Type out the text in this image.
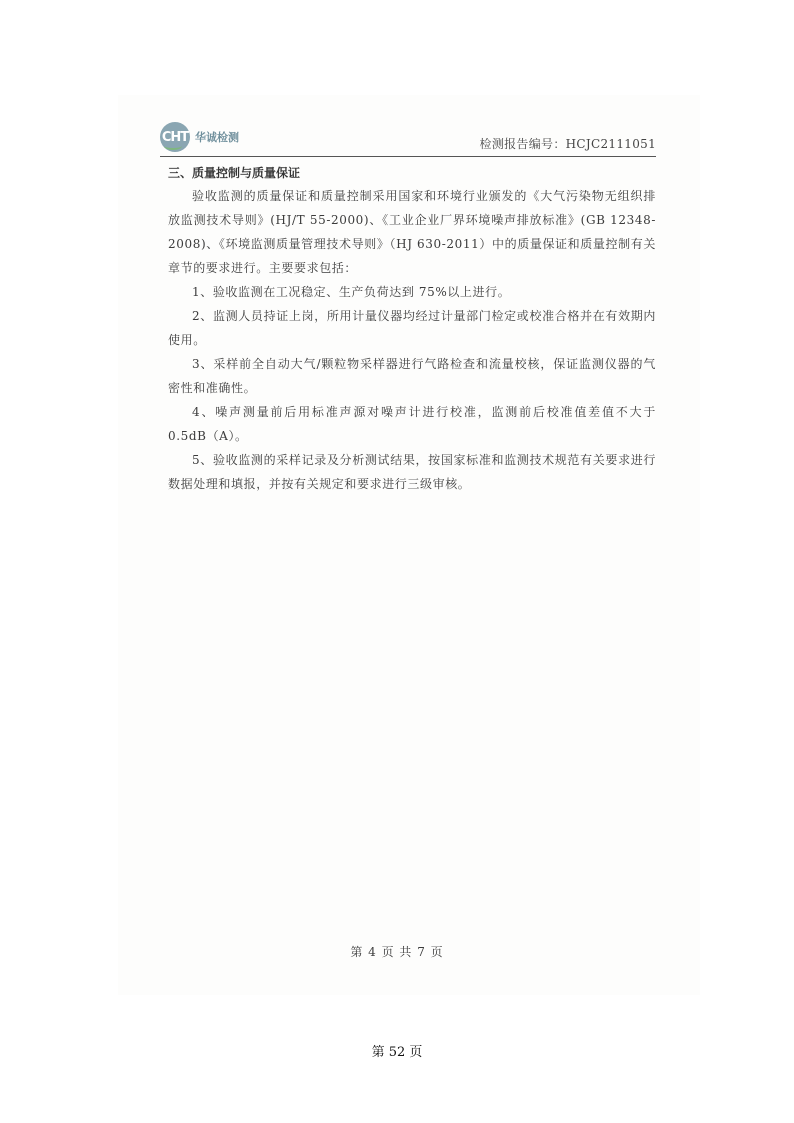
CHT 华诚检测	检测报告编号：HCJC2111051

三、质量控制与质量保证

验收监测的质量保证和质量控制采用国家和环境行业颁发的《大气污染物无组织排放监测技术导则》(HJ/T 55-2000)、《工业企业厂界环境噪声排放标准》(GB 12348-2008)、《环境监测质量管理技术导则》（HJ 630-2011）中的质量保证和质量控制有关章节的要求进行。主要要求包括：

1、验收监测在工况稳定、生产负荷达到 75%以上进行。

2、监测人员持证上岗，所用计量仪器均经过计量部门检定或校准合格并在有效期内使用。

3、采样前全自动大气/颗粒物采样器进行气路检查和流量校核，保证监测仪器的气密性和准确性。

4、噪声测量前后用标准声源对噪声计进行校准，监测前后校准值差值不大于 0.5dB（A）。

5、验收监测的采样记录及分析测试结果，按国家标准和监测技术规范有关要求进行数据处理和填报，并按有关规定和要求进行三级审核。

第 4 页 共 7 页
第 52 页
